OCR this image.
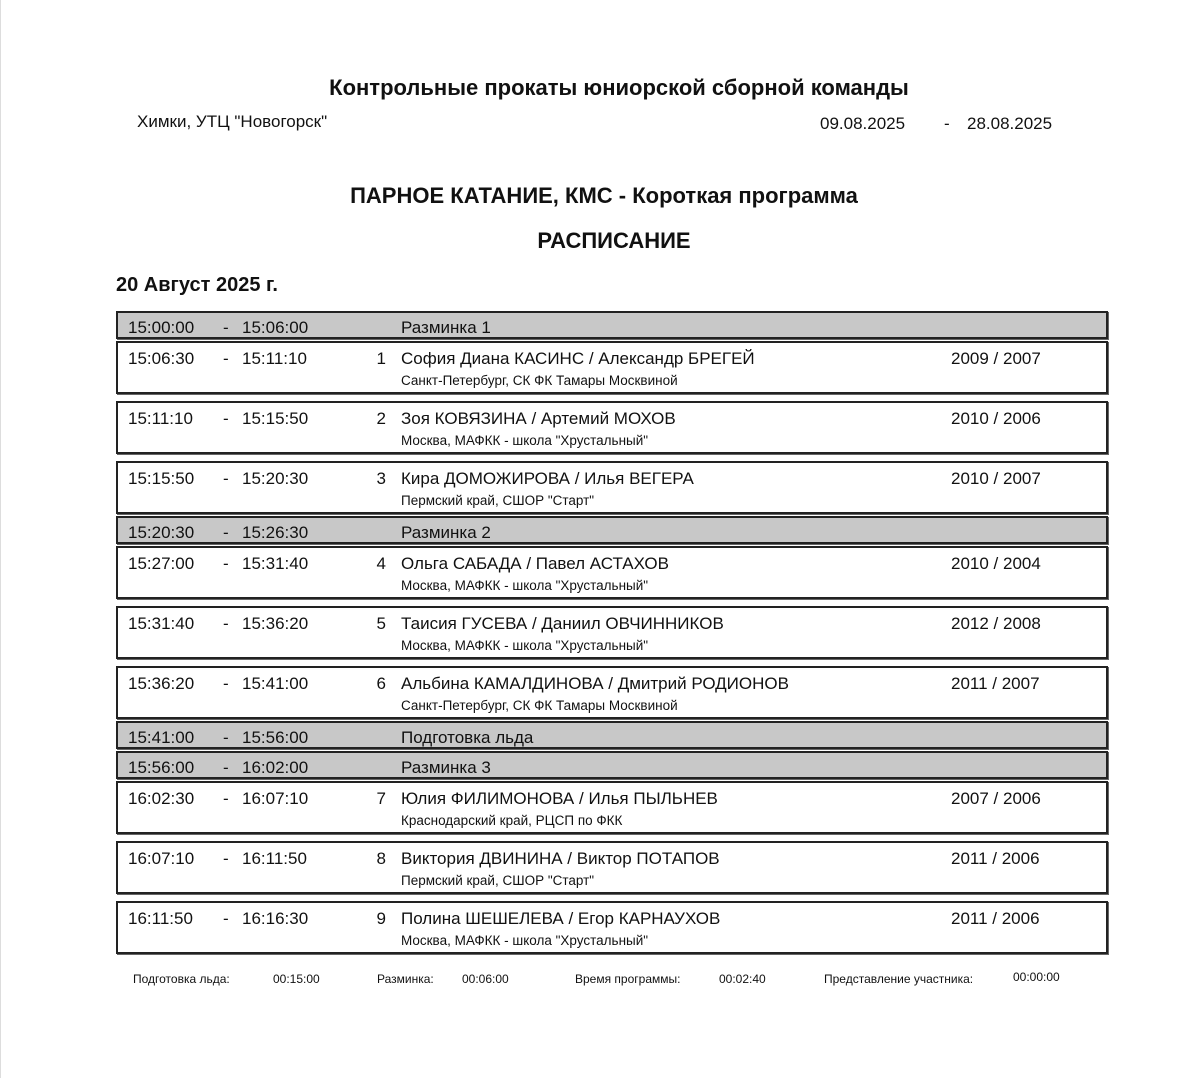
Контрольные прокаты юниорской сборной команды
Химки, УТЦ "Новогорск"	09.08.2025 - 28.08.2025
ПАРНОЕ КАТАНИЕ, КМС - Короткая программа
РАСПИСАНИЕ
20 Август 2025 г.
15:00:00 - 15:06:00	Разминка 1
15:06:30 - 15:11:10	1 София Диана КАСИНС / Александр БРЕГЕЙ	2009 / 2007
Санкт-Петербург, СК ФК Тамары Москвиной
15:11:10 - 15:15:50	2 Зоя КОВЯЗИНА / Артемий МОХОВ	2010 / 2006
Москва, МАФКК - школа "Хрустальный"
15:15:50 - 15:20:30	3 Кира ДОМОЖИРОВА / Илья ВЕГЕРА	2010 / 2007
Пермский край, СШОР "Старт"
15:20:30 - 15:26:30	Разминка 2
15:27:00 - 15:31:40	4 Ольга САБАДА / Павел АСТАХОВ	2010 / 2004
Москва, МАФКК - школа "Хрустальный"
15:31:40 - 15:36:20	5 Таисия ГУСЕВА / Даниил ОВЧИННИКОВ	2012 / 2008
Москва, МАФКК - школа "Хрустальный"
15:36:20 - 15:41:00	6 Альбина КАМАЛДИНОВА / Дмитрий РОДИОНОВ	2011 / 2007
Санкт-Петербург, СК ФК Тамары Москвиной
15:41:00 - 15:56:00	Подготовка льда
15:56:00 - 16:02:00	Разминка 3
16:02:30 - 16:07:10	7 Юлия ФИЛИМОНОВА / Илья ПЫЛЬНЕВ	2007 / 2006
Краснодарский край, РЦСП по ФКК
16:07:10 - 16:11:50	8 Виктория ДВИНИНА / Виктор ПОТАПОВ	2011 / 2006
Пермский край, СШОР "Старт"
16:11:50 - 16:16:30	9 Полина ШЕШЕЛЕВА / Егор КАРНАУХОВ	2011 / 2006
Москва, МАФКК - школа "Хрустальный"
Подготовка льда:	00:15:00	Разминка: 00:06:00	Время программы:	00:02:40	Представление участника:	00:00:00
